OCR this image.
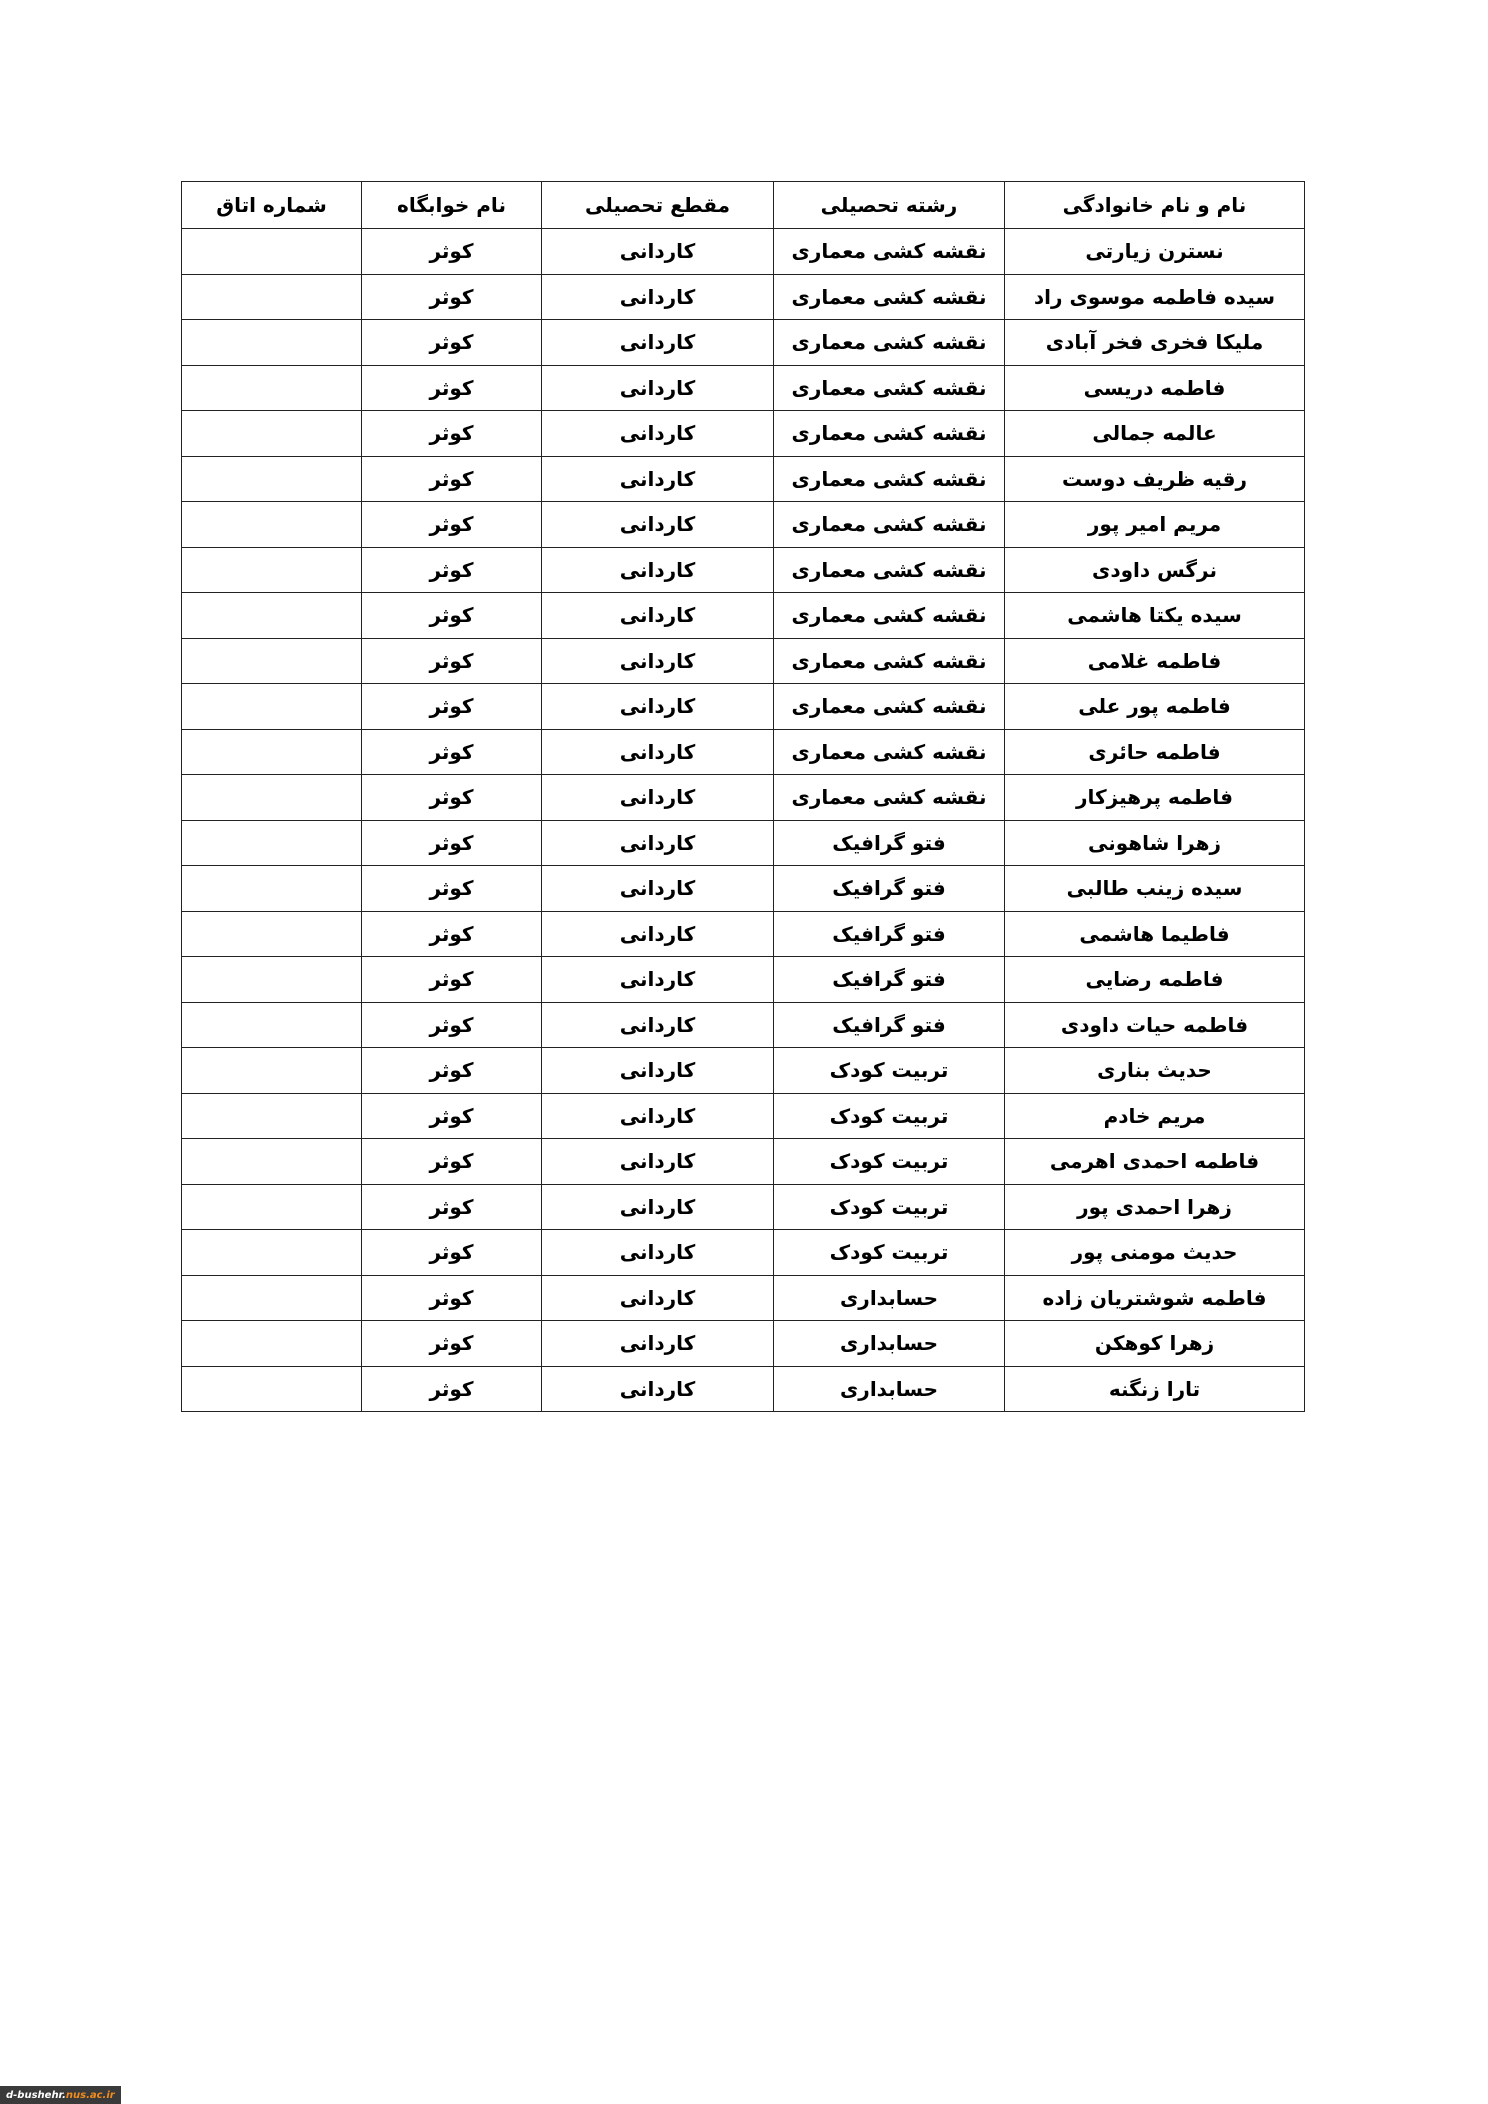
نام و نام خانوادگی	رشته تحصیلی	مقطع تحصیلی	نام خوابگاه	شماره اتاق
نسترن زیارتی	نقشه کشی معماری	کاردانی	کوثر	
سیده فاطمه موسوی راد	نقشه کشی معماری	کاردانی	کوثر	
ملیکا فخری فخر آبادی	نقشه کشی معماری	کاردانی	کوثر	
فاطمه دریسی	نقشه کشی معماری	کاردانی	کوثر	
عالمه جمالی	نقشه کشی معماری	کاردانی	کوثر	
رقیه ظریف دوست	نقشه کشی معماری	کاردانی	کوثر	
مریم امیر پور	نقشه کشی معماری	کاردانی	کوثر	
نرگس داودی	نقشه کشی معماری	کاردانی	کوثر	
سیده یکتا هاشمی	نقشه کشی معماری	کاردانی	کوثر	
فاطمه غلامی	نقشه کشی معماری	کاردانی	کوثر	
فاطمه پور علی	نقشه کشی معماری	کاردانی	کوثر	
فاطمه حائری	نقشه کشی معماری	کاردانی	کوثر	
فاطمه پرهیزکار	نقشه کشی معماری	کاردانی	کوثر	
زهرا شاهونی	فتو گرافیک	کاردانی	کوثر	
سیده زینب طالبی	فتو گرافیک	کاردانی	کوثر	
فاطیما هاشمی	فتو گرافیک	کاردانی	کوثر	
فاطمه رضایی	فتو گرافیک	کاردانی	کوثر	
فاطمه حیات داودی	فتو گرافیک	کاردانی	کوثر	
حدیث بناری	تربیت کودک	کاردانی	کوثر	
مریم خادم	تربیت کودک	کاردانی	کوثر	
فاطمه احمدی اهرمی	تربیت کودک	کاردانی	کوثر	
زهرا احمدی پور	تربیت کودک	کاردانی	کوثر	
حدیث مومنی پور	تربیت کودک	کاردانی	کوثر	
فاطمه شوشتریان زاده	حسابداری	کاردانی	کوثر	
زهرا کوهکن	حسابداری	کاردانی	کوثر	
تارا زنگنه	حسابداری	کاردانی	کوثر	
d-bushehr. nus.ac.ir
